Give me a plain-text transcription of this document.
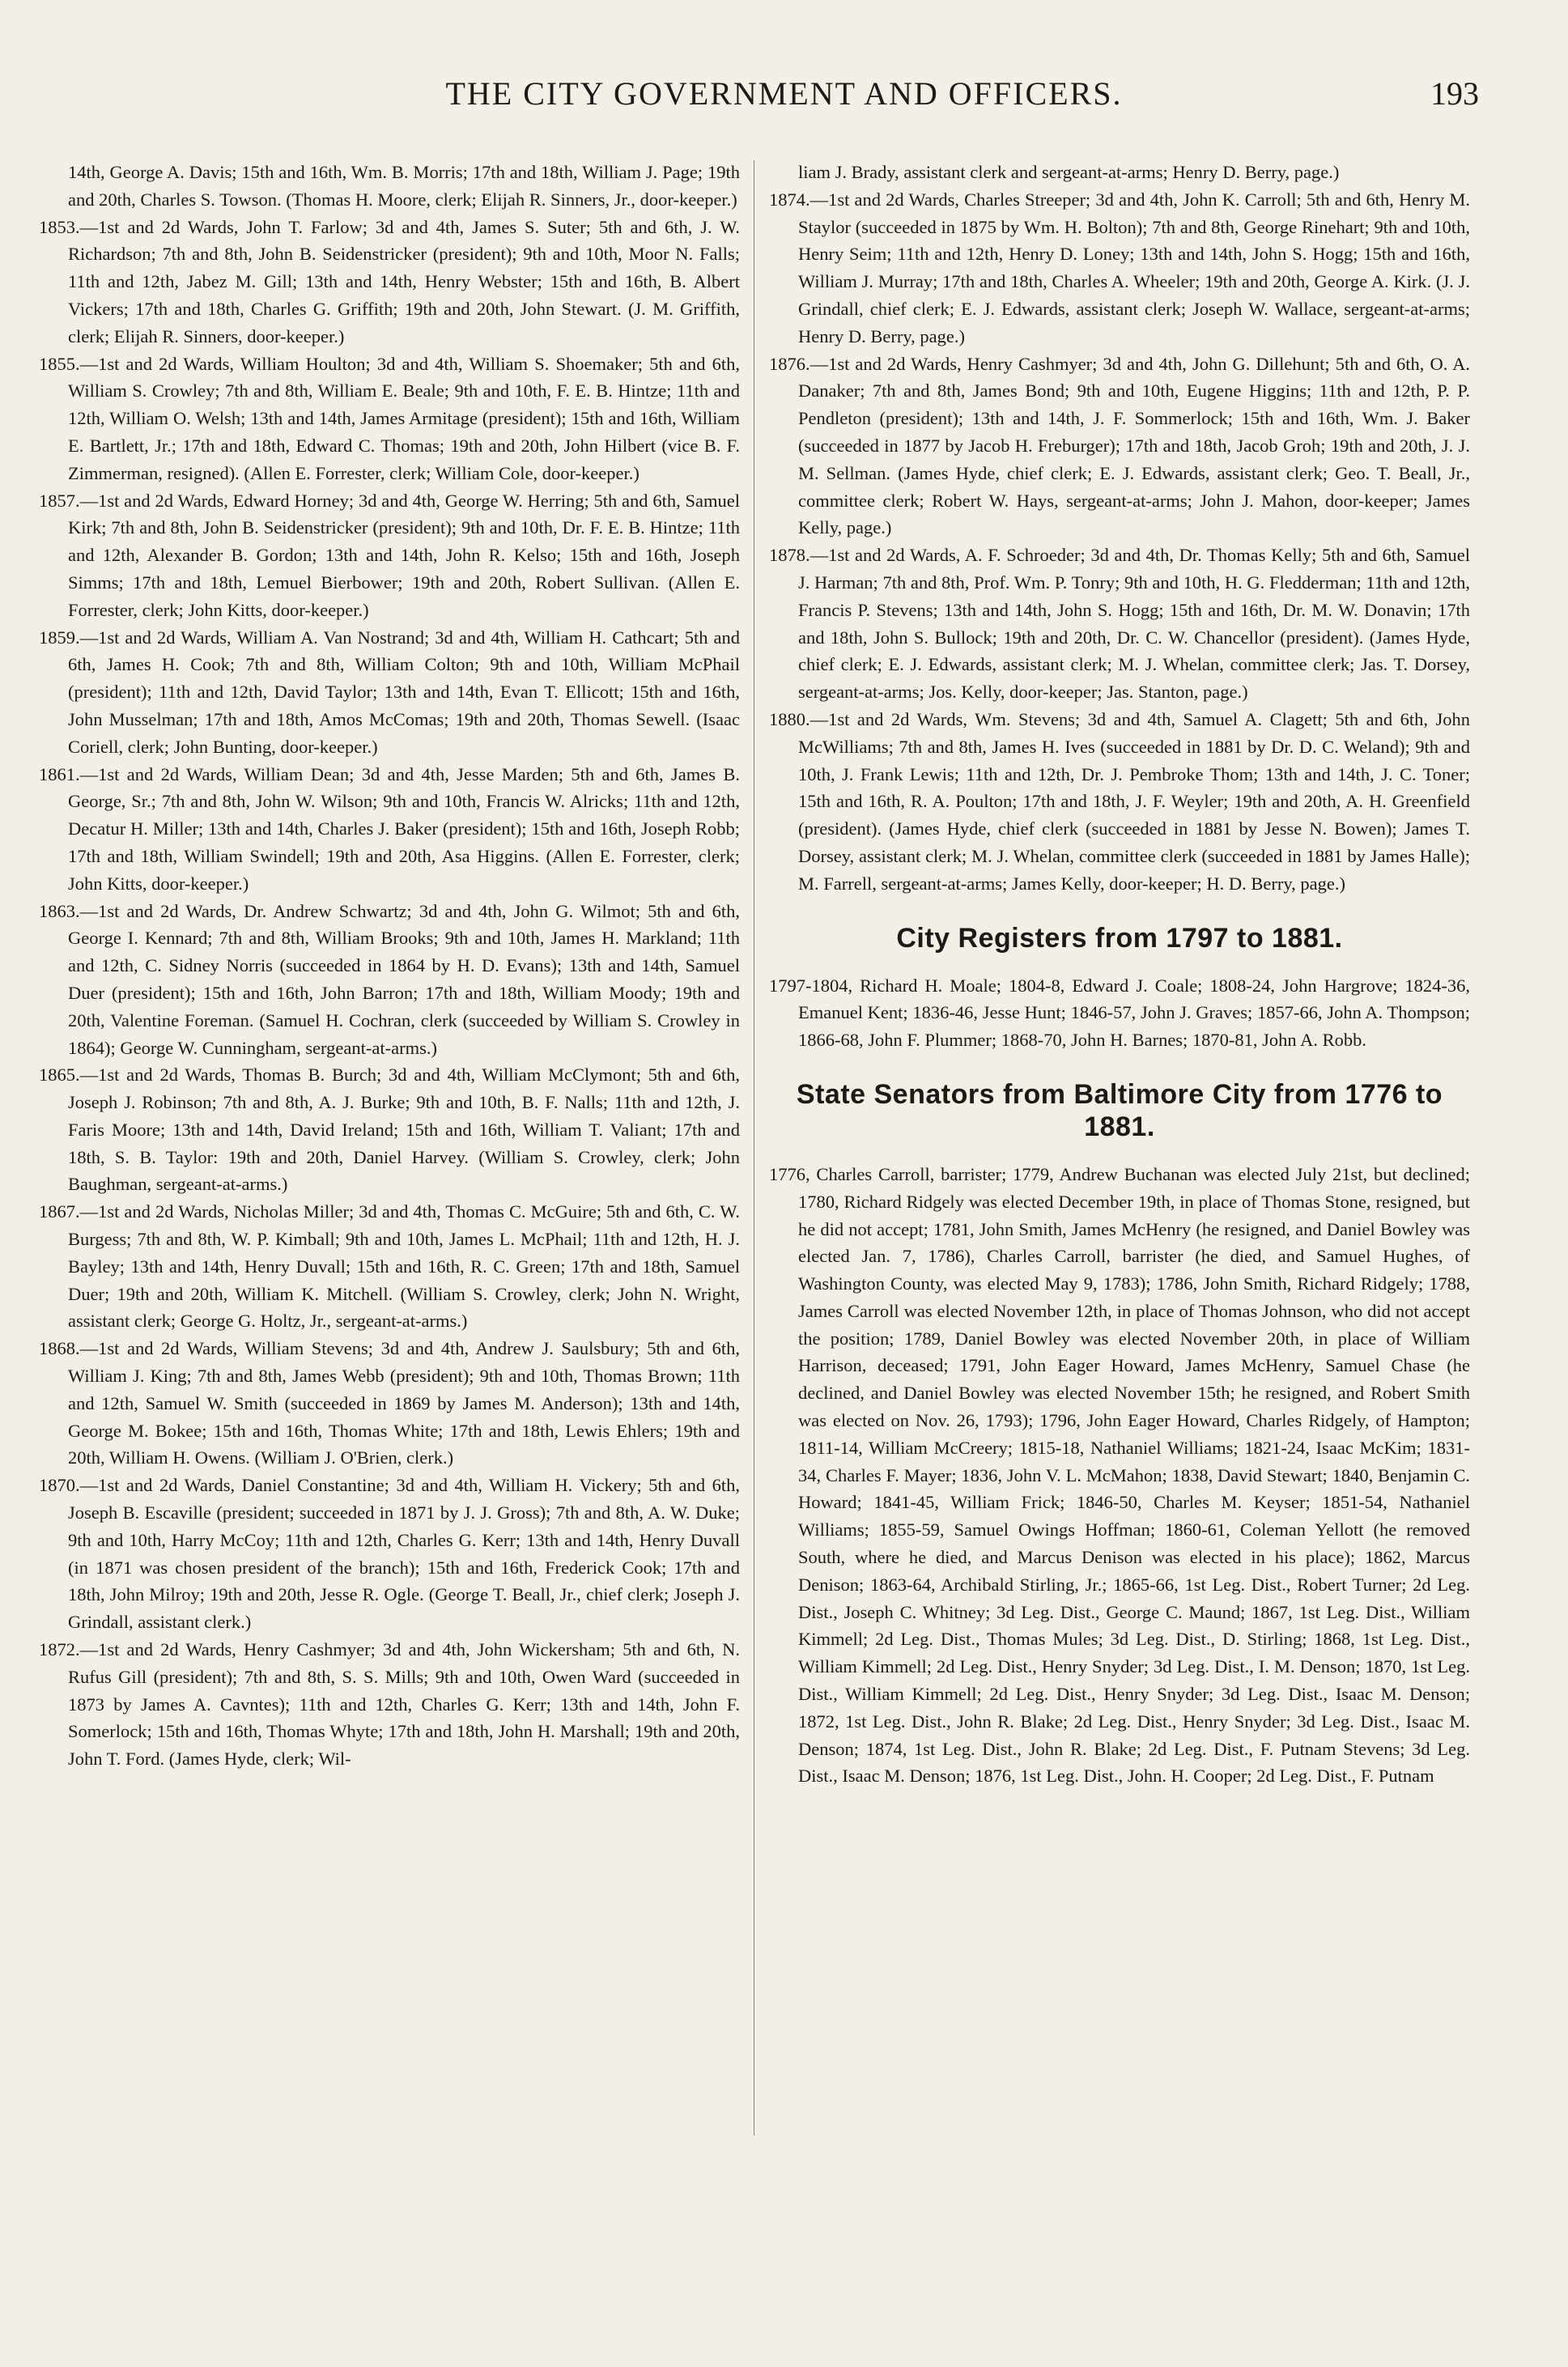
THE CITY GOVERNMENT AND OFFICERS.	193

14th, George A. Davis; 15th and 16th, Wm. B. Morris; 17th and 18th, William J. Page; 19th and 20th, Charles S. Towson. (Thomas H. Moore, clerk; Elijah R. Sinners, Jr., door-keeper.)

1853.—1st and 2d Wards, John T. Farlow; 3d and 4th, James S. Suter; 5th and 6th, J. W. Richardson; 7th and 8th, John B. Seidenstricker (president); 9th and 10th, Moor N. Falls; 11th and 12th, Jabez M. Gill; 13th and 14th, Henry Webster; 15th and 16th, B. Albert Vickers; 17th and 18th, Charles G. Griffith; 19th and 20th, John Stewart. (J. M. Griffith, clerk; Elijah R. Sinners, door-keeper.)

1855.—1st and 2d Wards, William Houlton; 3d and 4th, William S. Shoemaker; 5th and 6th, William S. Crowley; 7th and 8th, William E. Beale; 9th and 10th, F. E. B. Hintze; 11th and 12th, William O. Welsh; 13th and 14th, James Armitage (president); 15th and 16th, William E. Bartlett, Jr.; 17th and 18th, Edward C. Thomas; 19th and 20th, John Hilbert (vice B. F. Zimmerman, resigned). (Allen E. Forrester, clerk; William Cole, door-keeper.)

1857.—1st and 2d Wards, Edward Horney; 3d and 4th, George W. Herring; 5th and 6th, Samuel Kirk; 7th and 8th, John B. Seidenstricker (president); 9th and 10th, Dr. F. E. B. Hintze; 11th and 12th, Alexander B. Gordon; 13th and 14th, John R. Kelso; 15th and 16th, Joseph Simms; 17th and 18th, Lemuel Bierbower; 19th and 20th, Robert Sullivan. (Allen E. Forrester, clerk; John Kitts, door-keeper.)

1859.—1st and 2d Wards, William A. Van Nostrand; 3d and 4th, William H. Cathcart; 5th and 6th, James H. Cook; 7th and 8th, William Colton; 9th and 10th, William McPhail (president); 11th and 12th, David Taylor; 13th and 14th, Evan T. Ellicott; 15th and 16th, John Musselman; 17th and 18th, Amos McComas; 19th and 20th, Thomas Sewell. (Isaac Coriell, clerk; John Bunting, door-keeper.)

1861.—1st and 2d Wards, William Dean; 3d and 4th, Jesse Marden; 5th and 6th, James B. George, Sr.; 7th and 8th, John W. Wilson; 9th and 10th, Francis W. Alricks; 11th and 12th, Decatur H. Miller; 13th and 14th, Charles J. Baker (president); 15th and 16th, Joseph Robb; 17th and 18th, William Swindell; 19th and 20th, Asa Higgins. (Allen E. Forrester, clerk; John Kitts, door-keeper.)

1863.—1st and 2d Wards, Dr. Andrew Schwartz; 3d and 4th, John G. Wilmot; 5th and 6th, George I. Kennard; 7th and 8th, William Brooks; 9th and 10th, James H. Markland; 11th and 12th, C. Sidney Norris (succeeded in 1864 by H. D. Evans); 13th and 14th, Samuel Duer (president); 15th and 16th, John Barron; 17th and 18th, William Moody; 19th and 20th, Valentine Foreman. (Samuel H. Cochran, clerk (succeeded by William S. Crowley in 1864); George W. Cunningham, sergeant-at-arms.)

1865.—1st and 2d Wards, Thomas B. Burch; 3d and 4th, William McClymont; 5th and 6th, Joseph J. Robinson; 7th and 8th, A. J. Burke; 9th and 10th, B. F. Nalls; 11th and 12th, J. Faris Moore; 13th and 14th, David Ireland; 15th and 16th, William T. Valiant; 17th and 18th, S. B. Taylor: 19th and 20th, Daniel Harvey. (William S. Crowley, clerk; John Baughman, sergeant-at-arms.)

1867.—1st and 2d Wards, Nicholas Miller; 3d and 4th, Thomas C. McGuire; 5th and 6th, C. W. Burgess; 7th and 8th, W. P. Kimball; 9th and 10th, James L. McPhail; 11th and 12th, H. J. Bayley; 13th and 14th, Henry Duvall; 15th and 16th, R. C. Green; 17th and 18th, Samuel Duer; 19th and 20th, William K. Mitchell. (William S. Crowley, clerk; John N. Wright, assistant clerk; George G. Holtz, Jr., sergeant-at-arms.)

1868.—1st and 2d Wards, William Stevens; 3d and 4th, Andrew J. Saulsbury; 5th and 6th, William J. King; 7th and 8th, James Webb (president); 9th and 10th, Thomas Brown; 11th and 12th, Samuel W. Smith (succeeded in 1869 by James M. Anderson); 13th and 14th, George M. Bokee; 15th and 16th, Thomas White; 17th and 18th, Lewis Ehlers; 19th and 20th, William H. Owens. (William J. O'Brien, clerk.)

1870.—1st and 2d Wards, Daniel Constantine; 3d and 4th, William H. Vickery; 5th and 6th, Joseph B. Escaville (president; succeeded in 1871 by J. J. Gross); 7th and 8th, A. W. Duke; 9th and 10th, Harry McCoy; 11th and 12th, Charles G. Kerr; 13th and 14th, Henry Duvall (in 1871 was chosen president of the branch); 15th and 16th, Frederick Cook; 17th and 18th, John Milroy; 19th and 20th, Jesse R. Ogle. (George T. Beall, Jr., chief clerk; Joseph J. Grindall, assistant clerk.)

1872.—1st and 2d Wards, Henry Cashmyer; 3d and 4th, John Wickersham; 5th and 6th, N. Rufus Gill (president); 7th and 8th, S. S. Mills; 9th and 10th, Owen Ward (succeeded in 1873 by James A. Cavntes); 11th and 12th, Charles G. Kerr; 13th and 14th, John F. Somerlock; 15th and 16th, Thomas Whyte; 17th and 18th, John H. Marshall; 19th and 20th, John T. Ford. (James Hyde, clerk; Wil-

liam J. Brady, assistant clerk and sergeant-at-arms; Henry D. Berry, page.)

1874.—1st and 2d Wards, Charles Streeper; 3d and 4th, John K. Carroll; 5th and 6th, Henry M. Staylor (succeeded in 1875 by Wm. H. Bolton); 7th and 8th, George Rinehart; 9th and 10th, Henry Seim; 11th and 12th, Henry D. Loney; 13th and 14th, John S. Hogg; 15th and 16th, William J. Murray; 17th and 18th, Charles A. Wheeler; 19th and 20th, George A. Kirk. (J. J. Grindall, chief clerk; E. J. Edwards, assistant clerk; Joseph W. Wallace, sergeant-at-arms; Henry D. Berry, page.)

1876.—1st and 2d Wards, Henry Cashmyer; 3d and 4th, John G. Dillehunt; 5th and 6th, O. A. Danaker; 7th and 8th, James Bond; 9th and 10th, Eugene Higgins; 11th and 12th, P. P. Pendleton (president); 13th and 14th, J. F. Sommerlock; 15th and 16th, Wm. J. Baker (succeeded in 1877 by Jacob H. Freburger); 17th and 18th, Jacob Groh; 19th and 20th, J. J. M. Sellman. (James Hyde, chief clerk; E. J. Edwards, assistant clerk; Geo. T. Beall, Jr., committee clerk; Robert W. Hays, sergeant-at-arms; John J. Mahon, door-keeper; James Kelly, page.)

1878.—1st and 2d Wards, A. F. Schroeder; 3d and 4th, Dr. Thomas Kelly; 5th and 6th, Samuel J. Harman; 7th and 8th, Prof. Wm. P. Tonry; 9th and 10th, H. G. Fledderman; 11th and 12th, Francis P. Stevens; 13th and 14th, John S. Hogg; 15th and 16th, Dr. M. W. Donavin; 17th and 18th, John S. Bullock; 19th and 20th, Dr. C. W. Chancellor (president). (James Hyde, chief clerk; E. J. Edwards, assistant clerk; M. J. Whelan, committee clerk; Jas. T. Dorsey, sergeant-at-arms; Jos. Kelly, door-keeper; Jas. Stanton, page.)

1880.—1st and 2d Wards, Wm. Stevens; 3d and 4th, Samuel A. Clagett; 5th and 6th, John McWilliams; 7th and 8th, James H. Ives (succeeded in 1881 by Dr. D. C. Weland); 9th and 10th, J. Frank Lewis; 11th and 12th, Dr. J. Pembroke Thom; 13th and 14th, J. C. Toner; 15th and 16th, R. A. Poulton; 17th and 18th, J. F. Weyler; 19th and 20th, A. H. Greenfield (president). (James Hyde, chief clerk (succeeded in 1881 by Jesse N. Bowen); James T. Dorsey, assistant clerk; M. J. Whelan, committee clerk (succeeded in 1881 by James Halle); M. Farrell, sergeant-at-arms; James Kelly, door-keeper; H. D. Berry, page.)

City Registers from 1797 to 1881.

1797-1804, Richard H. Moale; 1804-8, Edward J. Coale; 1808-24, John Hargrove; 1824-36, Emanuel Kent; 1836-46, Jesse Hunt; 1846-57, John J. Graves; 1857-66, John A. Thompson; 1866-68, John F. Plummer; 1868-70, John H. Barnes; 1870-81, John A. Robb.

State Senators from Baltimore City from 1776 to 1881.

1776, Charles Carroll, barrister; 1779, Andrew Buchanan was elected July 21st, but declined; 1780, Richard Ridgely was elected December 19th, in place of Thomas Stone, resigned, but he did not accept; 1781, John Smith, James McHenry (he resigned, and Daniel Bowley was elected Jan. 7, 1786), Charles Carroll, barrister (he died, and Samuel Hughes, of Washington County, was elected May 9, 1783); 1786, John Smith, Richard Ridgely; 1788, James Carroll was elected November 12th, in place of Thomas Johnson, who did not accept the position; 1789, Daniel Bowley was elected November 20th, in place of William Harrison, deceased; 1791, John Eager Howard, James McHenry, Samuel Chase (he declined, and Daniel Bowley was elected November 15th; he resigned, and Robert Smith was elected on Nov. 26, 1793); 1796, John Eager Howard, Charles Ridgely, of Hampton; 1811-14, William McCreery; 1815-18, Nathaniel Williams; 1821-24, Isaac McKim; 1831-34, Charles F. Mayer; 1836, John V. L. McMahon; 1838, David Stewart; 1840, Benjamin C. Howard; 1841-45, William Frick; 1846-50, Charles M. Keyser; 1851-54, Nathaniel Williams; 1855-59, Samuel Owings Hoffman; 1860-61, Coleman Yellott (he removed South, where he died, and Marcus Denison was elected in his place); 1862, Marcus Denison; 1863-64, Archibald Stirling, Jr.; 1865-66, 1st Leg. Dist., Robert Turner; 2d Leg. Dist., Joseph C. Whitney; 3d Leg. Dist., George C. Maund; 1867, 1st Leg. Dist., William Kimmell; 2d Leg. Dist., Thomas Mules; 3d Leg. Dist., D. Stirling; 1868, 1st Leg. Dist., William Kimmell; 2d Leg. Dist., Henry Snyder; 3d Leg. Dist., I. M. Denson; 1870, 1st Leg. Dist., William Kimmell; 2d Leg. Dist., Henry Snyder; 3d Leg. Dist., Isaac M. Denson; 1872, 1st Leg. Dist., John R. Blake; 2d Leg. Dist., Henry Snyder; 3d Leg. Dist., Isaac M. Denson; 1874, 1st Leg. Dist., John R. Blake; 2d Leg. Dist., F. Putnam Stevens; 3d Leg. Dist., Isaac M. Denson; 1876, 1st Leg. Dist., John. H. Cooper; 2d Leg. Dist., F. Putnam
